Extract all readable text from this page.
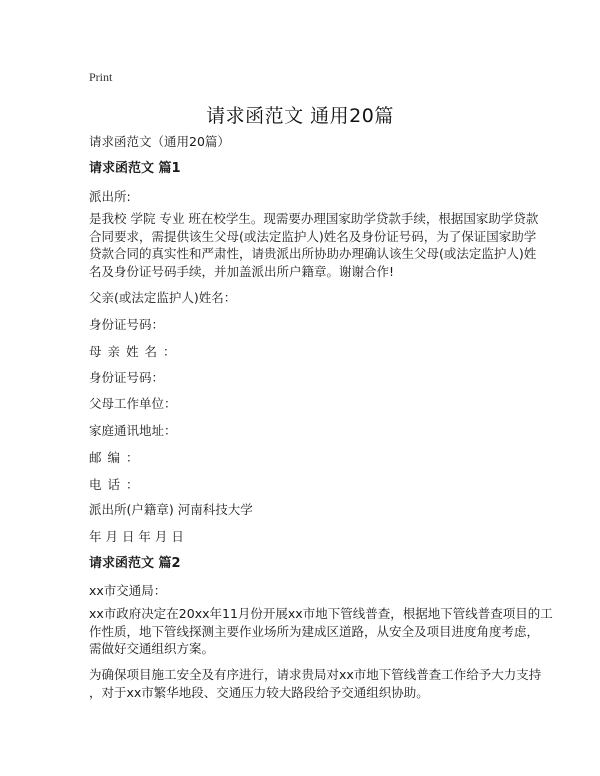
Print
请求函范文 通用20篇
请求函范文（通用20篇）
请求函范文 篇1
派出所:
是我校 学院 专业 班在校学生。现需要办理国家助学贷款手续，根据国家助学贷款
合同要求，需提供该生父母(或法定监护人)姓名及身份证号码，为了保证国家助学
贷款合同的真实性和严肃性，请贵派出所协助办理确认该生父母(或法定监护人)姓
名及身份证号码手续，并加盖派出所户籍章。谢谢合作!
父亲(或法定监护人)姓名：
身份证号码：
母亲姓名：
身份证号码：
父母工作单位：
家庭通讯地址：
邮编：
电话：
派出所(户籍章) 河南科技大学
年 月 日 年 月 日
请求函范文 篇2
xx市交通局：
xx市政府决定在20xx年11月份开展xx市地下管线普查，根据地下管线普查项目的工
作性质，地下管线探测主要作业场所为建成区道路，从安全及项目进度角度考虑，
需做好交通组织方案。
为确保项目施工安全及有序进行，请求贵局对xx市地下管线普查工作给予大力支持
，对于xx市繁华地段、交通压力较大路段给予交通组织协助。
